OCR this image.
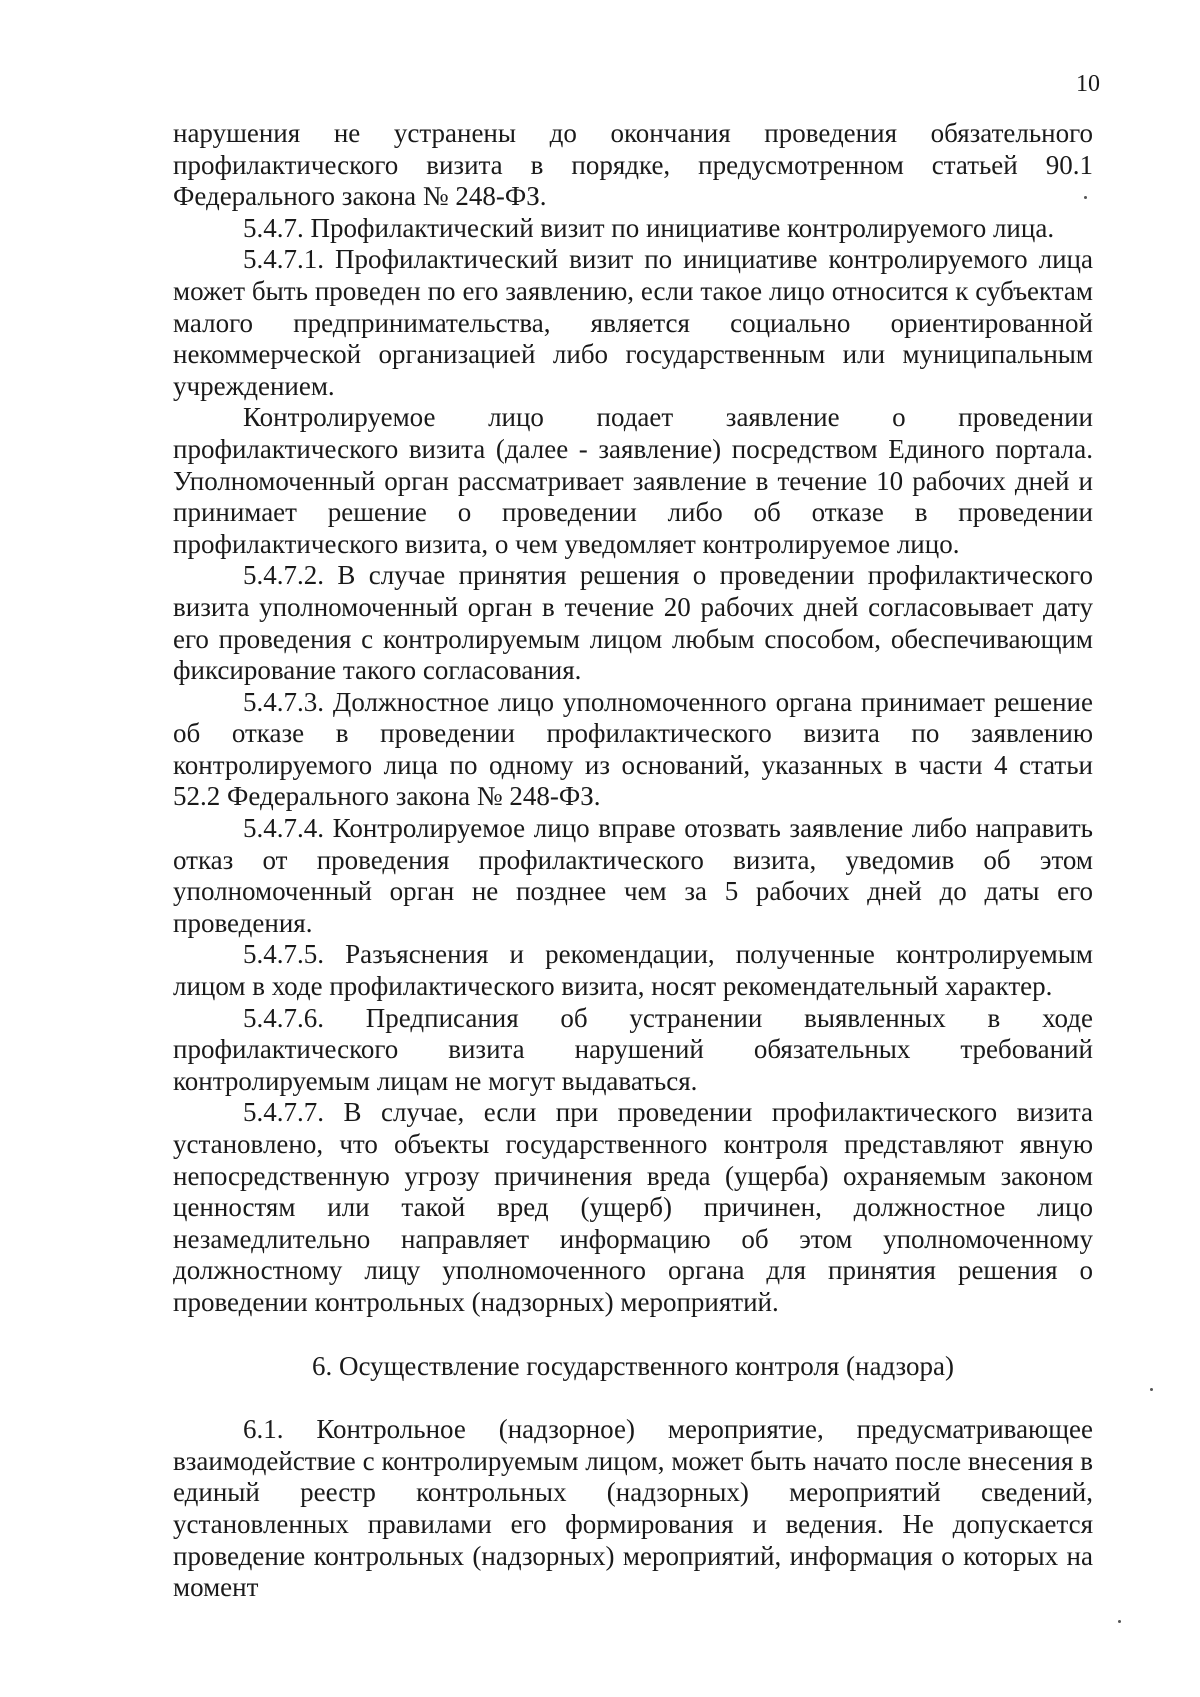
10

нарушения не устранены до окончания проведения обязательного профилактического визита в порядке, предусмотренном статьей 90.1 Федерального закона № 248-ФЗ.

5.4.7. Профилактический визит по инициативе контролируемого лица.

5.4.7.1. Профилактический визит по инициативе контролируемого лица может быть проведен по его заявлению, если такое лицо относится к субъектам малого предпринимательства, является социально ориентированной некоммерческой организацией либо государственным или муниципальным учреждением.

Контролируемое лицо подает заявление о проведении профилактического визита (далее - заявление) посредством Единого портала. Уполномоченный орган рассматривает заявление в течение 10 рабочих дней и принимает решение о проведении либо об отказе в проведении профилактического визита, о чем уведомляет контролируемое лицо.

5.4.7.2. В случае принятия решения о проведении профилактического визита уполномоченный орган в течение 20 рабочих дней согласовывает дату его проведения с контролируемым лицом любым способом, обеспечивающим фиксирование такого согласования.

5.4.7.3. Должностное лицо уполномоченного органа принимает решение об отказе в проведении профилактического визита по заявлению контролируемого лица по одному из оснований, указанных в части 4 статьи 52.2 Федерального закона № 248-ФЗ.

5.4.7.4. Контролируемое лицо вправе отозвать заявление либо направить отказ от проведения профилактического визита, уведомив об этом уполномоченный орган не позднее чем за 5 рабочих дней до даты его проведения.

5.4.7.5. Разъяснения и рекомендации, полученные контролируемым лицом в ходе профилактического визита, носят рекомендательный характер.

5.4.7.6. Предписания об устранении выявленных в ходе профилактического визита нарушений обязательных требований контролируемым лицам не могут выдаваться.

5.4.7.7. В случае, если при проведении профилактического визита установлено, что объекты государственного контроля представляют явную непосредственную угрозу причинения вреда (ущерба) охраняемым законом ценностям или такой вред (ущерб) причинен, должностное лицо незамедлительно направляет информацию об этом уполномоченному должностному лицу уполномоченного органа для принятия решения о проведении контрольных (надзорных) мероприятий.

6. Осуществление государственного контроля (надзора)

6.1. Контрольное (надзорное) мероприятие, предусматривающее взаимодействие с контролируемым лицом, может быть начато после внесения в единый реестр контрольных (надзорных) мероприятий сведений, установленных правилами его формирования и ведения. Не допускается проведение контрольных (надзорных) мероприятий, информация о которых на момент
